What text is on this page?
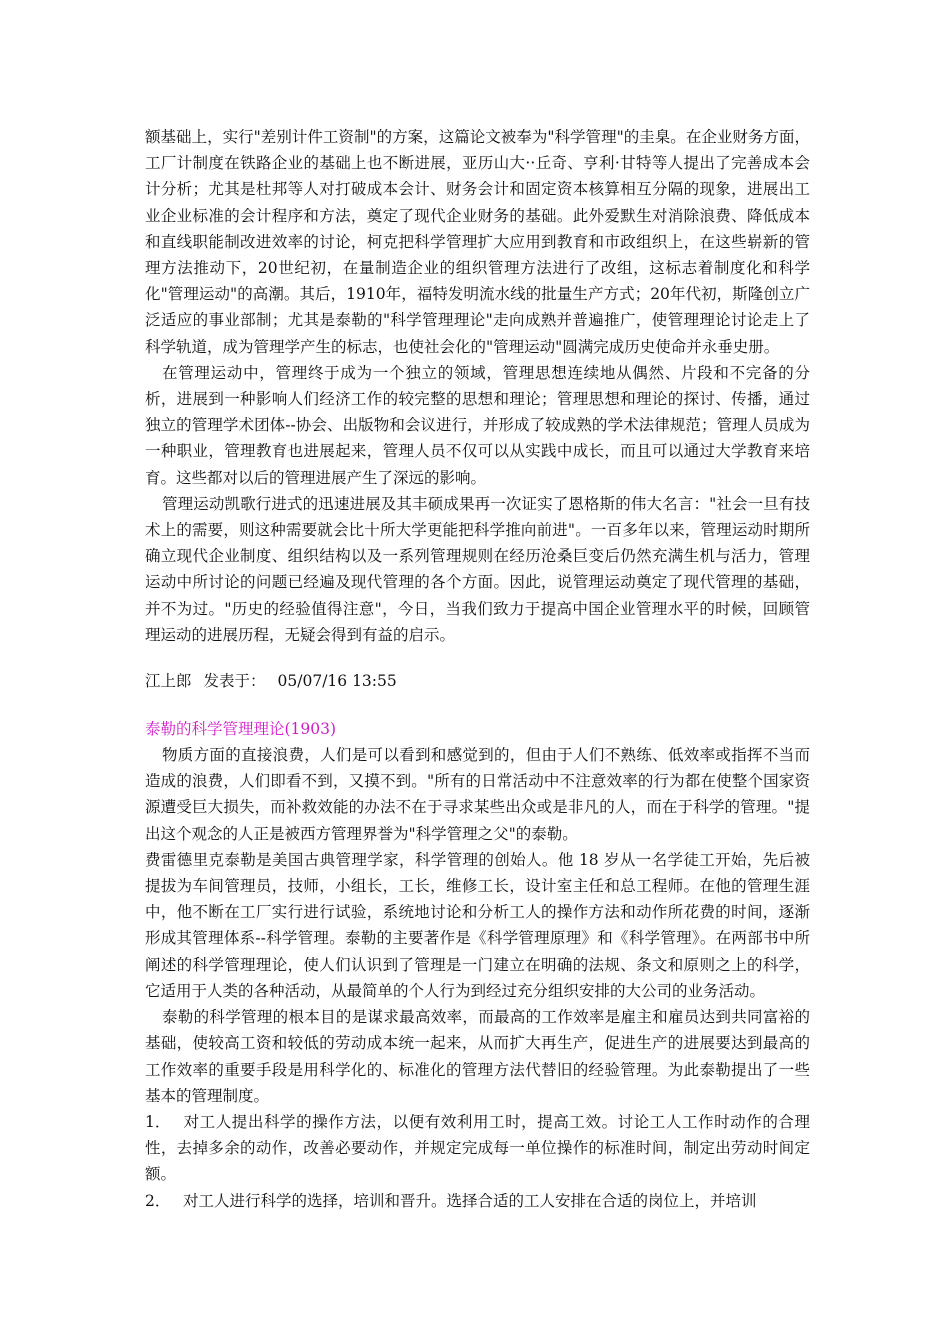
额基础上，实行"差别计件工资制"的方案，这篇论文被奉为"科学管理"的圭臬。在企业财务方面，工厂计制度在铁路企业的基础上也不断进展，亚历山大··丘奇、亨利·甘特等人提出了完善成本会计分析；尤其是杜邦等人对打破成本会计、财务会计和固定资本核算相互分隔的现象，进展出工业企业标准的会计程序和方法，奠定了现代企业财务的基础。此外爱默生对消除浪费、降低成本和直线职能制改进效率的讨论，柯克把科学管理扩大应用到教育和市政组织上，在这些崭新的管理方法推动下，20世纪初，在量制造企业的组织管理方法进行了改组，这标志着制度化和科学化"管理运动"的高潮。其后，1910年，福特发明流水线的批量生产方式；20年代初，斯隆创立广泛适应的事业部制；尤其是泰勒的"科学管理理论"走向成熟并普遍推广，使管理理论讨论走上了科学轨道，成为管理学产生的标志，也使社会化的"管理运动"圆满完成历史使命并永垂史册。

在管理运动中，管理终于成为一个独立的领域，管理思想连续地从偶然、片段和不完备的分析，进展到一种影响人们经济工作的较完整的思想和理论；管理思想和理论的探讨、传播，通过独立的管理学术团体--协会、出版物和会议进行，并形成了较成熟的学术法律规范；管理人员成为一种职业，管理教育也进展起来，管理人员不仅可以从实践中成长，而且可以通过大学教育来培育。这些都对以后的管理进展产生了深远的影响。

管理运动凯歌行进式的迅速进展及其丰硕成果再一次证实了恩格斯的伟大名言："社会一旦有技术上的需要，则这种需要就会比十所大学更能把科学推向前进"。一百多年以来，管理运动时期所确立现代企业制度、组织结构以及一系列管理规则在经历沧桑巨变后仍然充满生机与活力，管理运动中所讨论的问题已经遍及现代管理的各个方面。因此，说管理运动奠定了现代管理的基础，并不为过。"历史的经验值得注意"，今日，当我们致力于提高中国企业管理水平的时候，回顾管理运动的进展历程，无疑会得到有益的启示。

江上郎 发表于： 05/07/16 13:55
泰勒的科学管理理论(1903)

物质方面的直接浪费，人们是可以看到和感觉到的，但由于人们不熟练、低效率或指挥不当而造成的浪费，人们即看不到，又摸不到。"所有的日常活动中不注意效率的行为都在使整个国家资源遭受巨大损失，而补救效能的办法不在于寻求某些出众或是非凡的人，而在于科学的管理。"提出这个观念的人正是被西方管理界誉为"科学管理之父"的泰勒。

费雷德里克泰勒是美国古典管理学家，科学管理的创始人。他 18 岁从一名学徒工开始，先后被提拔为车间管理员，技师，小组长，工长，维修工长，设计室主任和总工程师。在他的管理生涯中，他不断在工厂实行进行试验，系统地讨论和分析工人的操作方法和动作所花费的时间，逐渐形成其管理体系--科学管理。泰勒的主要著作是《科学管理原理》和《科学管理》。在两部书中所阐述的科学管理理论，使人们认识到了管理是一门建立在明确的法规、条文和原则之上的科学，它适用于人类的各种活动，从最简单的个人行为到经过充分组织安排的大公司的业务活动。

泰勒的科学管理的根本目的是谋求最高效率，而最高的工作效率是雇主和雇员达到共同富裕的基础，使较高工资和较低的劳动成本统一起来，从而扩大再生产，促进生产的进展要达到最高的工作效率的重要手段是用科学化的、标准化的管理方法代替旧的经验管理。为此泰勒提出了一些基本的管理制度。

1． 对工人提出科学的操作方法，以便有效利用工时，提高工效。讨论工人工作时动作的合理性，去掉多余的动作，改善必要动作，并规定完成每一单位操作的标准时间，制定出劳动时间定额。

2． 对工人进行科学的选择，培训和晋升。选择合适的工人安排在合适的岗位上，并培训
